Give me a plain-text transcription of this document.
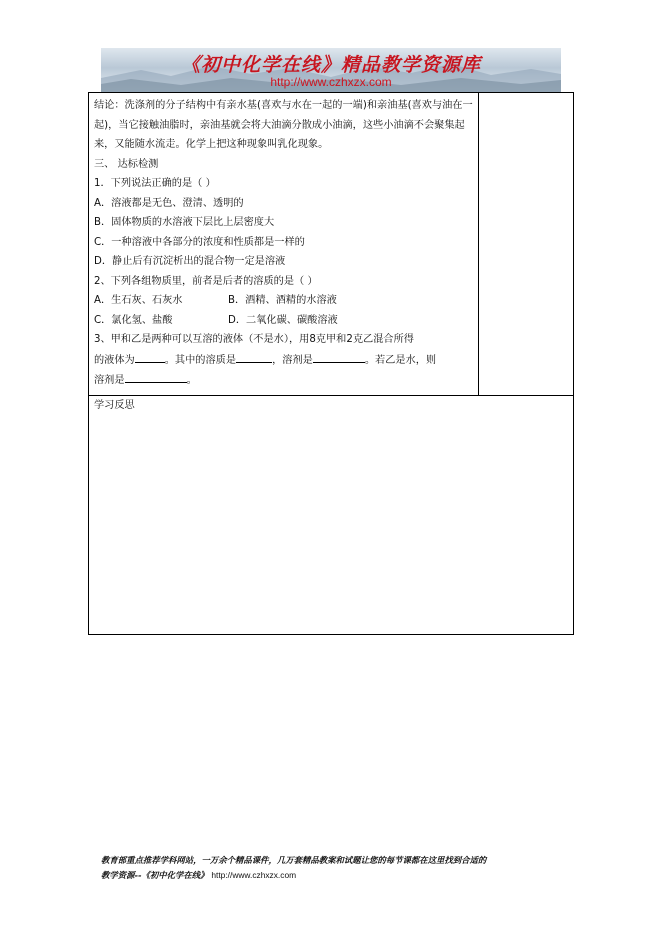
《初中化学在线》精品教学资源库
http://www.czhxzx.com

结论：洗涤剂的分子结构中有亲水基(喜欢与水在一起的一端)和亲油基(喜欢与油在一起)，当它接触油脂时，亲油基就会将大油滴分散成小油滴，这些小油滴不会聚集起来，又能随水流走。化学上把这种现象叫乳化现象。

三、 达标检测

1．下列说法正确的是（ ）

A．溶液都是无色、澄清、透明的

B．固体物质的水溶液下层比上层密度大

C．一种溶液中各部分的浓度和性质都是一样的

D．静止后有沉淀析出的混合物一定是溶液

2、下列各组物质里，前者是后者的溶质的是（ ）

A．生石灰、石灰水	B．酒精、酒精的水溶液

C．氯化氢、盐酸	D．二氧化碳、碳酸溶液

3、甲和乙是两种可以互溶的液体（不是水），用8克甲和2克乙混合所得

的液体为	。其中的溶质是	，溶剂是	。若乙是水，则

溶剂是	。

学习反思
教育部重点推荐学科网站，一万余个精品课件，几万套精品教案和试题让您的每节课都在这里找到合适的
教学资源--《初中化学在线》 http://www.czhxzx.com
